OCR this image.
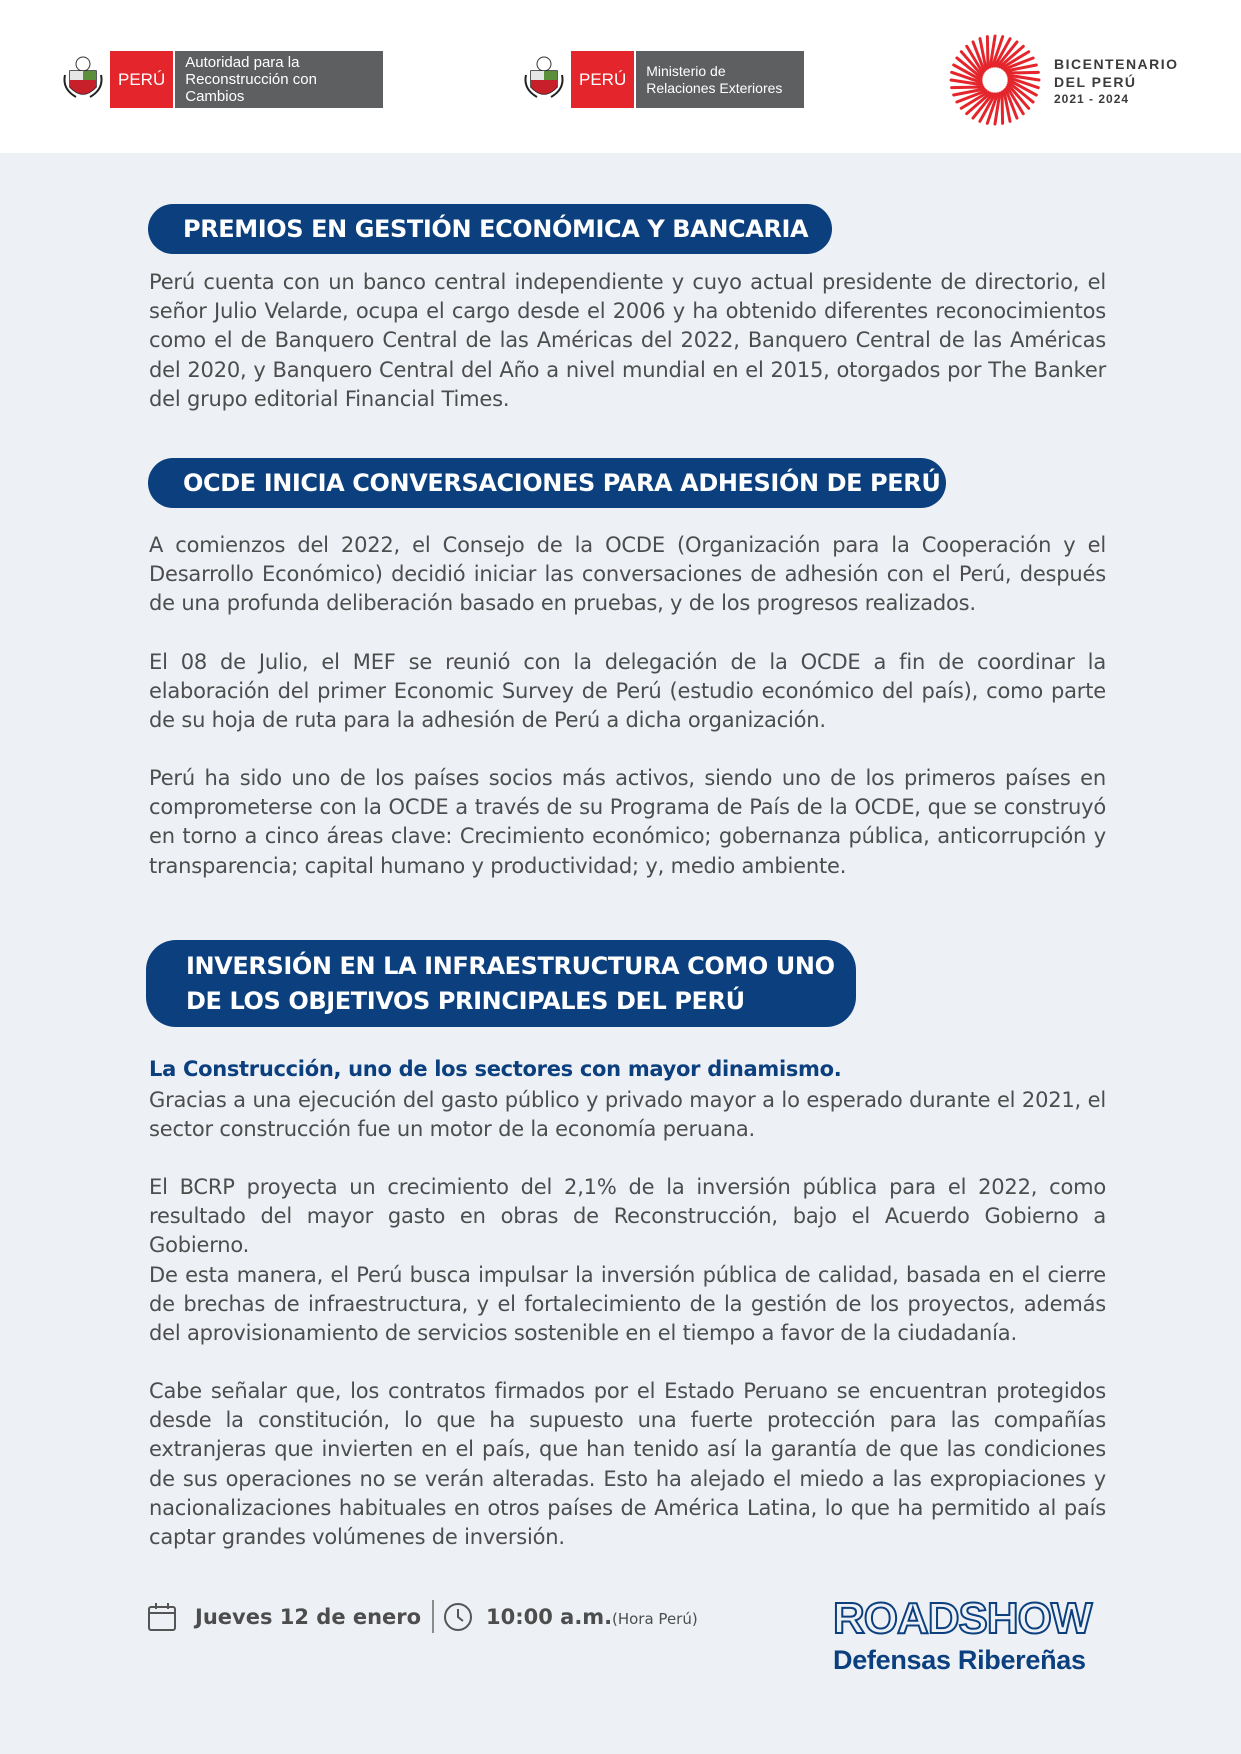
PERÚ
Autoridad para la
Reconstrucción con Cambios
PERÚ	Ministerio de
Relaciones Exteriores
BICENTENARIO
DEL PERÚ
2021 - 2024
PREMIOS EN GESTIÓN ECONÓMICA Y BANCARIA

Perú cuenta con un banco central independiente y cuyo actual presidente de directorio, el señor Julio Velarde, ocupa el cargo desde el 2006 y ha obtenido diferentes reconocimientos como el de Banquero Central de las Américas del 2022, Banquero Central de las Américas del 2020, y Banquero Central del Año a nivel mundial en el 2015, otorgados por The Banker del grupo editorial Financial Times.

OCDE INICIA CONVERSACIONES PARA ADHESIÓN DE PERÚ

A comienzos del 2022, el Consejo de la OCDE (Organización para la Cooperación y el Desarrollo Económico) decidió iniciar las conversaciones de adhesión con el Perú, después de una profunda deliberación basado en pruebas, y de los progresos realizados.

El 08 de Julio, el MEF se reunió con la delegación de la OCDE a fin de coordinar la elaboración del primer Economic Survey de Perú (estudio económico del país), como parte de su hoja de ruta para la adhesión de Perú a dicha organización.

Perú ha sido uno de los países socios más activos, siendo uno de los primeros países en comprometerse con la OCDE a través de su Programa de País de la OCDE, que se construyó en torno a cinco áreas clave: Crecimiento económico; gobernanza pública, anticorrupción y transparencia; capital humano y productividad; y, medio ambiente.

INVERSIÓN EN LA INFRAESTRUCTURA COMO UNO
DE LOS OBJETIVOS PRINCIPALES DEL PERÚ
La Construcción, uno de los sectores con mayor dinamismo.

Gracias a una ejecución del gasto público y privado mayor a lo esperado durante el 2021, el sector construcción fue un motor de la economía peruana.

El BCRP proyecta un crecimiento del 2,1% de la inversión pública para el 2022, como resultado del mayor gasto en obras de Reconstrucción, bajo el Acuerdo Gobierno a Gobierno.

De esta manera, el Perú busca impulsar la inversión pública de calidad, basada en el cierre de brechas de infraestructura, y el fortalecimiento de la gestión de los proyectos, además del aprovisionamiento de servicios sostenible en el tiempo a favor de la ciudadanía.

Cabe señalar que, los contratos firmados por el Estado Peruano se encuentran protegidos desde la constitución, lo que ha supuesto una fuerte protección para las compañías extranjeras que invierten en el país, que han tenido así la garantía de que las condiciones de sus operaciones no se verán alteradas. Esto ha alejado el miedo a las expropiaciones y nacionalizaciones habituales en otros países de América Latina, lo que ha permitido al país captar grandes volúmenes de inversión.

Jueves 12 de enero	10:00 a.m. (Hora Perú)	ROADSHOW
Defensas Ribereñas
